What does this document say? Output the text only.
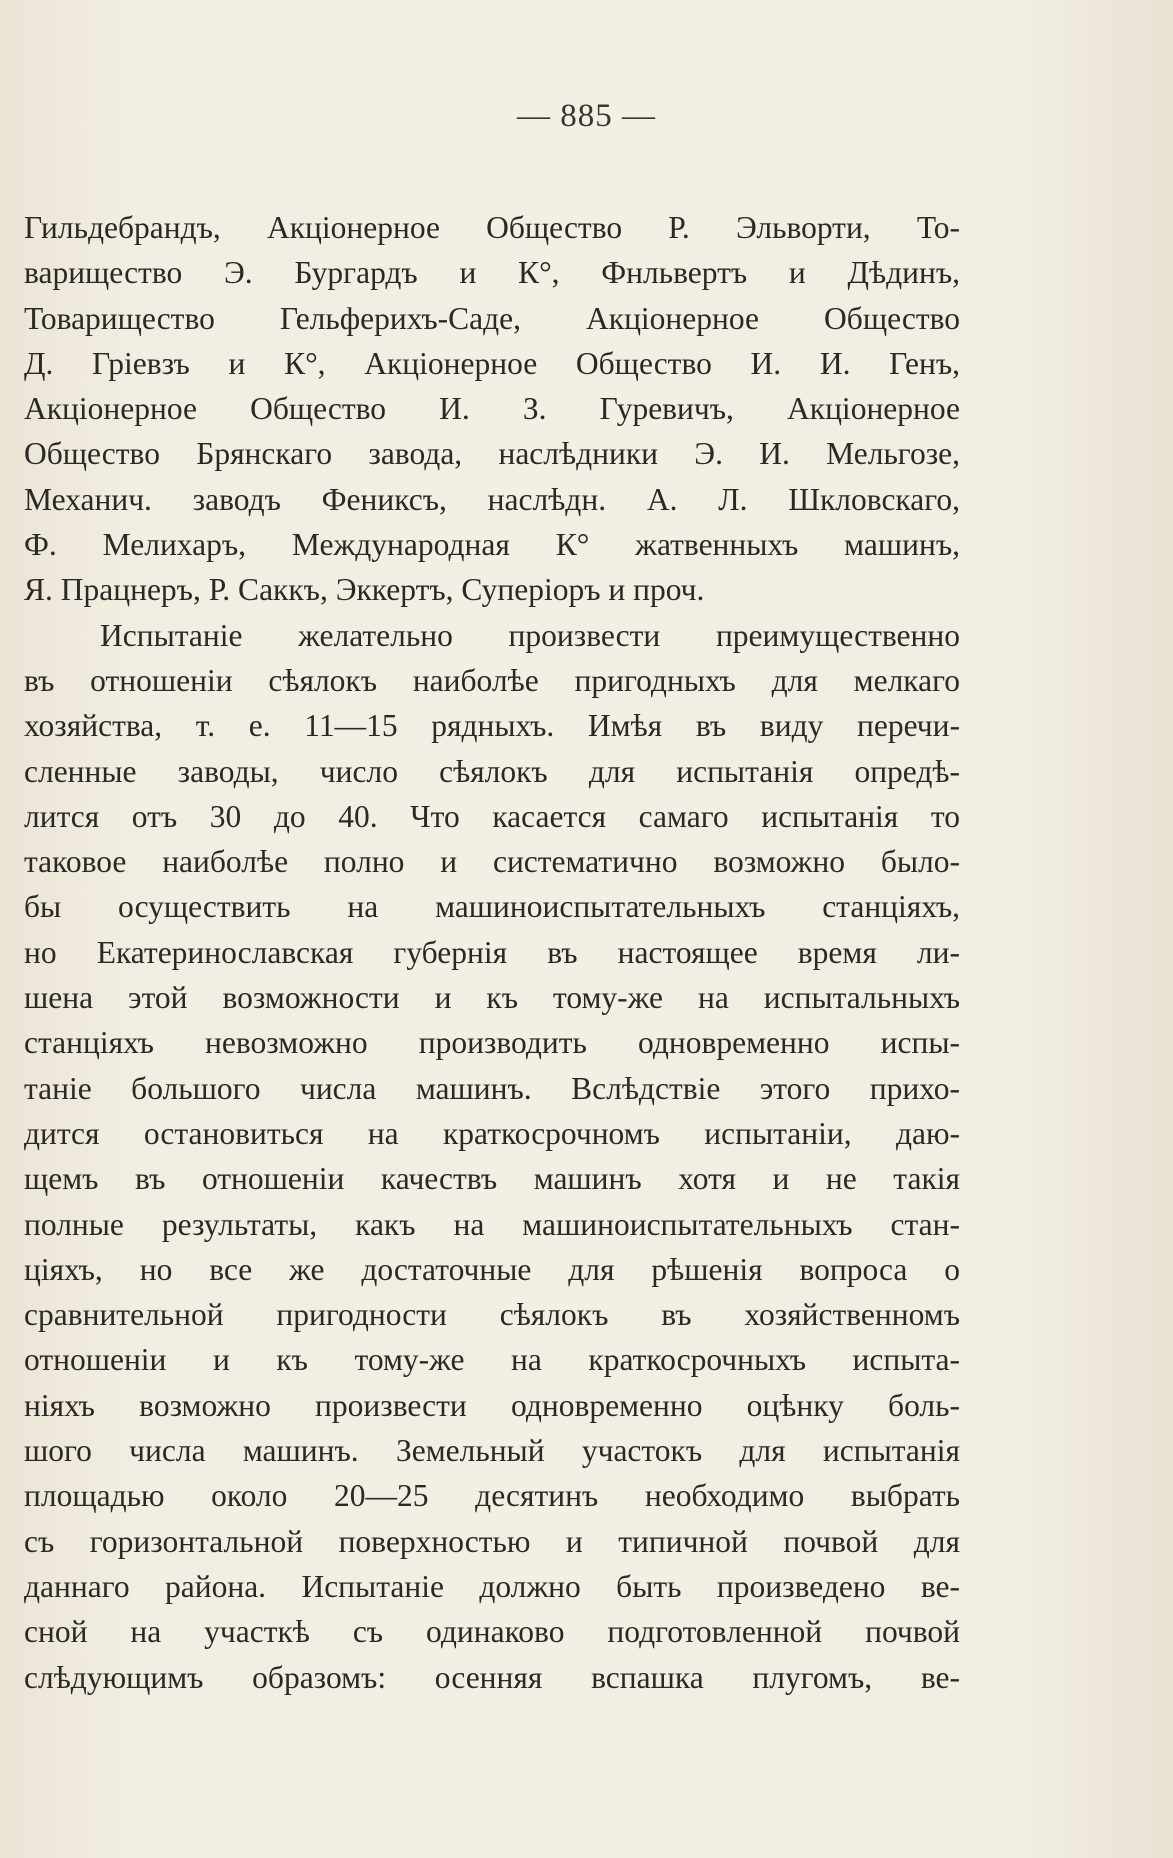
— 885 —
Гильдебрандъ, Акціонерное Общество Р. Эльворти, То-
варищество Э. Бургардъ и К°, Фнльвертъ и Дѣдинъ,
Товарищество Гельферихъ-Саде, Акціонерное Общество
Д. Гріевзъ и К°, Акціонерное Общество И. И. Генъ,
Акціонерное Общество И. З. Гуревичъ, Акціонерное
Общество Брянскаго завода, наслѣдники Э. И. Мельгозе,
Механич. заводъ Фениксъ, наслѣдн. А. Л. Шкловскаго,
Ф. Мелихаръ, Международная К° жатвенныхъ машинъ,
Я. Працнеръ, Р. Саккъ, Эккертъ, Суперіоръ и проч.
Испытаніе желательно произвести преимущественно
въ отношеніи сѣялокъ наиболѣе пригодныхъ для мелкаго
хозяйства, т. е. 11—15 рядныхъ. Имѣя въ виду перечи-
сленные заводы, число сѣялокъ для испытанія опредѣ-
лится отъ 30 до 40. Что касается самаго испытанія то
таковое наиболѣе полно и систематично возможно было-
бы осуществить на машиноиспытательныхъ станціяхъ,
но Екатеринославская губернія въ настоящее время ли-
шена этой возможности и къ тому-же на испытальныхъ
станціяхъ невозможно производить одновременно испы-
таніе большого числа машинъ. Вслѣдствіе этого прихо-
дится остановиться на краткосрочномъ испытаніи, даю-
щемъ въ отношеніи качествъ машинъ хотя и не такія
полные результаты, какъ на машиноиспытательныхъ стан-
ціяхъ, но все же достаточные для рѣшенія вопроса о
сравнительной пригодности сѣялокъ въ хозяйственномъ
отношеніи и къ тому-же на краткосрочныхъ испыта-
ніяхъ возможно произвести одновременно оцѣнку боль-
шого числа машинъ. Земельный участокъ для испытанія
площадью около 20—25 десятинъ необходимо выбрать
съ горизонтальной поверхностью и типичной почвой для
даннаго района. Испытаніе должно быть произведено ве-
сной на участкѣ съ одинаково подготовленной почвой
слѣдующимъ образомъ: осенняя вспашка плугомъ, ве-
